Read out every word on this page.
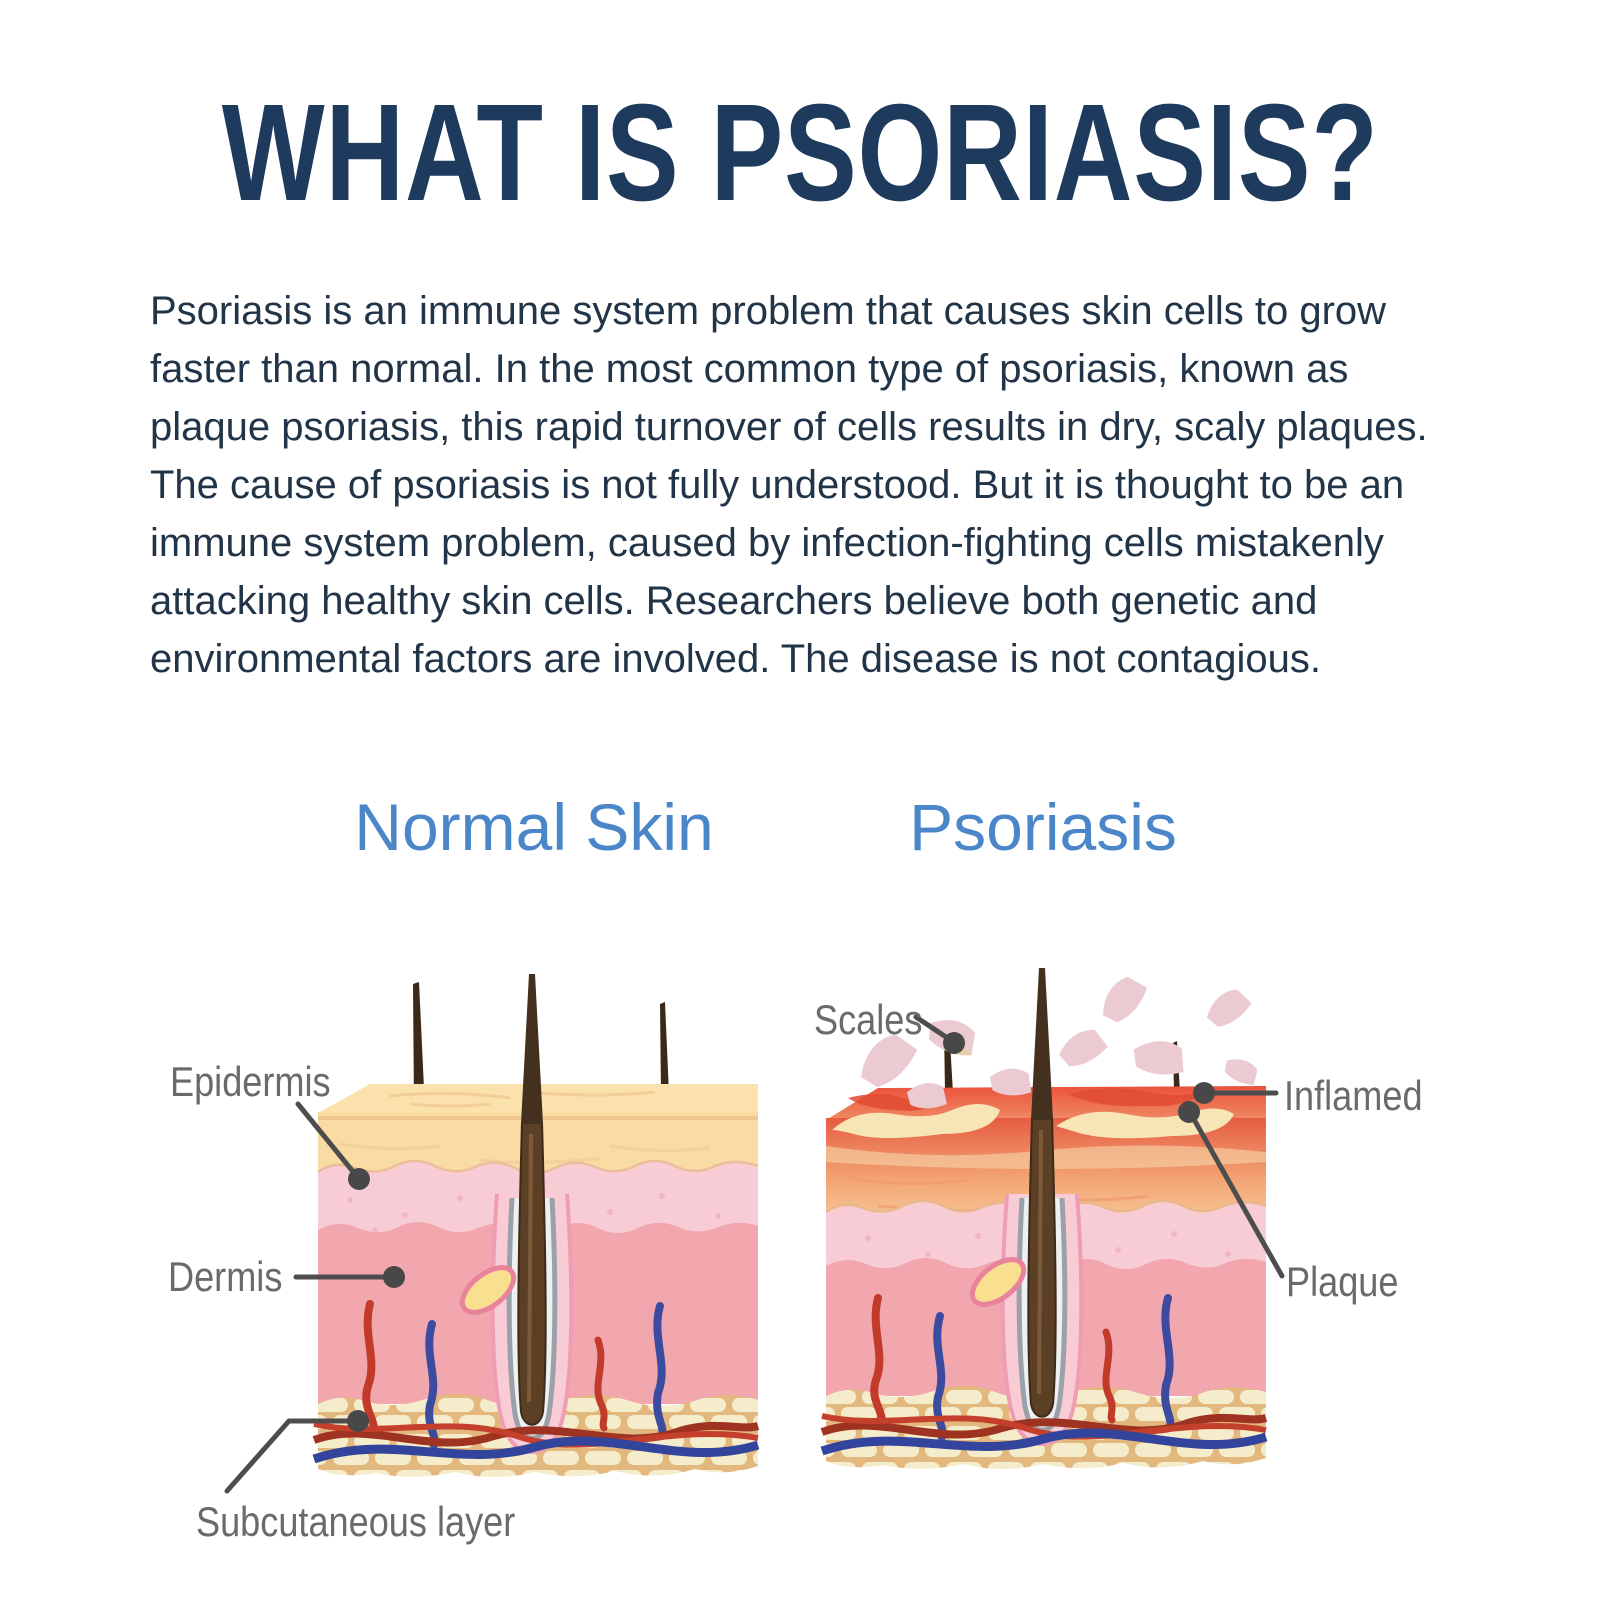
WHAT IS PSORIASIS?

Psoriasis is an immune system problem that causes skin cells to grow faster than normal. In the most common type of psoriasis, known as plaque psoriasis, this rapid turnover of cells results in dry, scaly plaques.

The cause of psoriasis is not fully understood. But it is thought to be an immune system problem, caused by infection-fighting cells mistakenly attacking healthy skin cells. Researchers believe both genetic and environmental factors are involved. The disease is not contagious.

Normal Skin	Psoriasis
Epidermis
Dermis
Subcutaneous layer
Scales
Inflamed
Plaque
